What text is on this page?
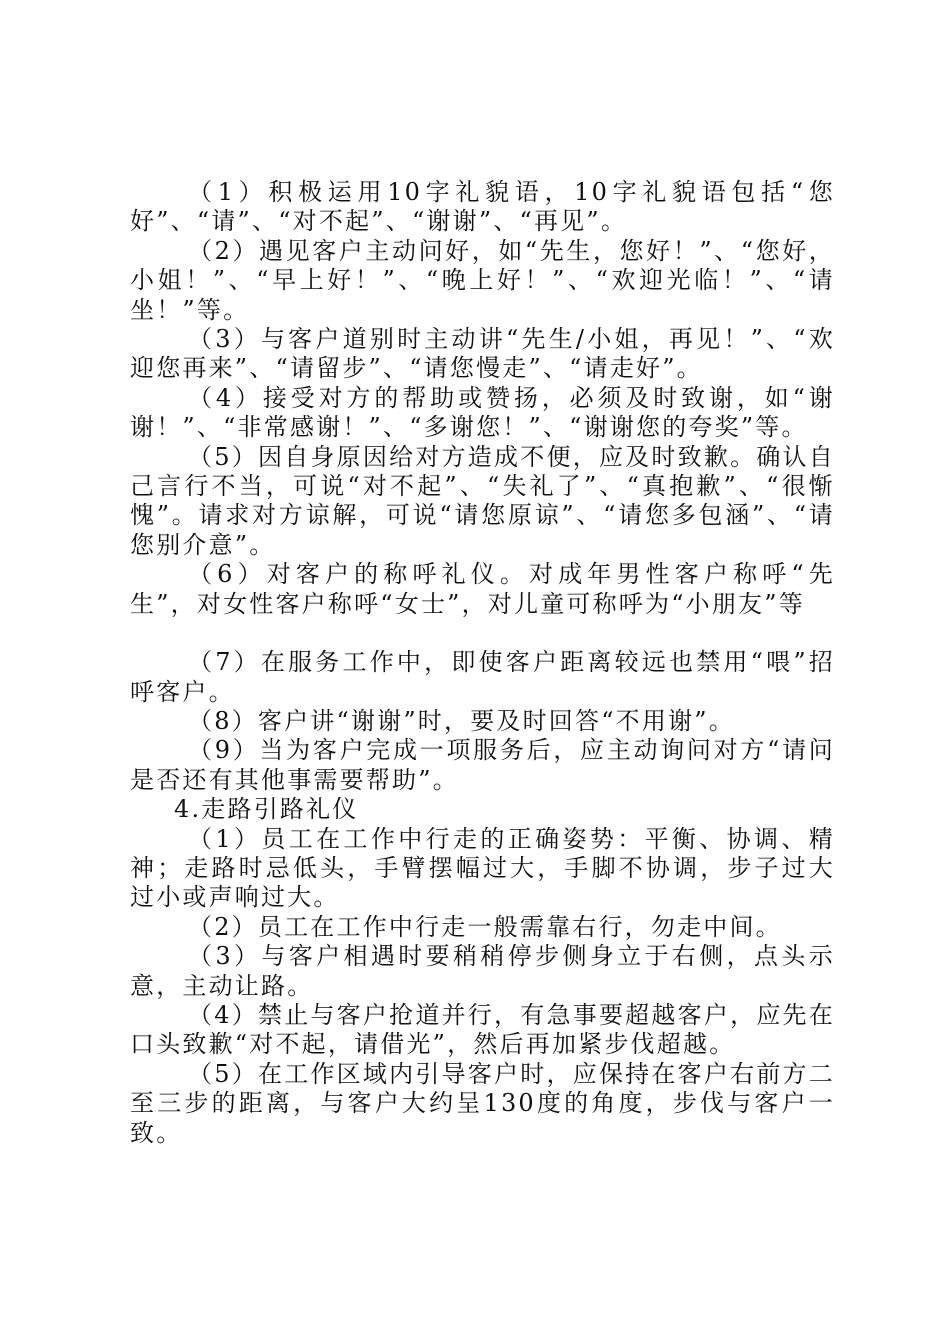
（1）积极运用10字礼貌语，10字礼貌语包括“您好”、“请”、“对不起”、“谢谢”、“再见”。

（2）遇见客户主动问好，如“先生，您好！”、“您好，小姐！”、“早上好！”、“晚上好！”、“欢迎光临！”、“请坐！”等。

（3）与客户道别时主动讲“先生/小姐，再见！”、“欢迎您再来”、“请留步”、“请您慢走”、“请走好”。

（4）接受对方的帮助或赞扬，必须及时致谢，如“谢谢！”、“非常感谢！”、“多谢您！”、“谢谢您的夸奖”等。

（5）因自身原因给对方造成不便，应及时致歉。确认自己言行不当，可说“对不起”、“失礼了”、“真抱歉”、“很惭愧”。请求对方谅解，可说“请您原谅”、“请您多包涵”、“请您别介意”。

（6）对客户的称呼礼仪。对成年男性客户称呼“先生”，对女性客户称呼“女士”，对儿童可称呼为“小朋友”等

（7）在服务工作中，即使客户距离较远也禁用“喂”招呼客户。

（8）客户讲“谢谢”时，要及时回答“不用谢”。

（9）当为客户完成一项服务后，应主动询问对方“请问是否还有其他事需要帮助”。

4.走路引路礼仪

（1）员工在工作中行走的正确姿势：平衡、协调、精神；走路时忌低头，手臂摆幅过大，手脚不协调，步子过大过小或声响过大。

（2）员工在工作中行走一般需靠右行，勿走中间。

（3）与客户相遇时要稍稍停步侧身立于右侧，点头示意，主动让路。

（4）禁止与客户抢道并行，有急事要超越客户，应先在口头致歉“对不起，请借光”，然后再加紧步伐超越。

（5）在工作区域内引导客户时，应保持在客户右前方二至三步的距离，与客户大约呈130度的角度，步伐与客户一致。
